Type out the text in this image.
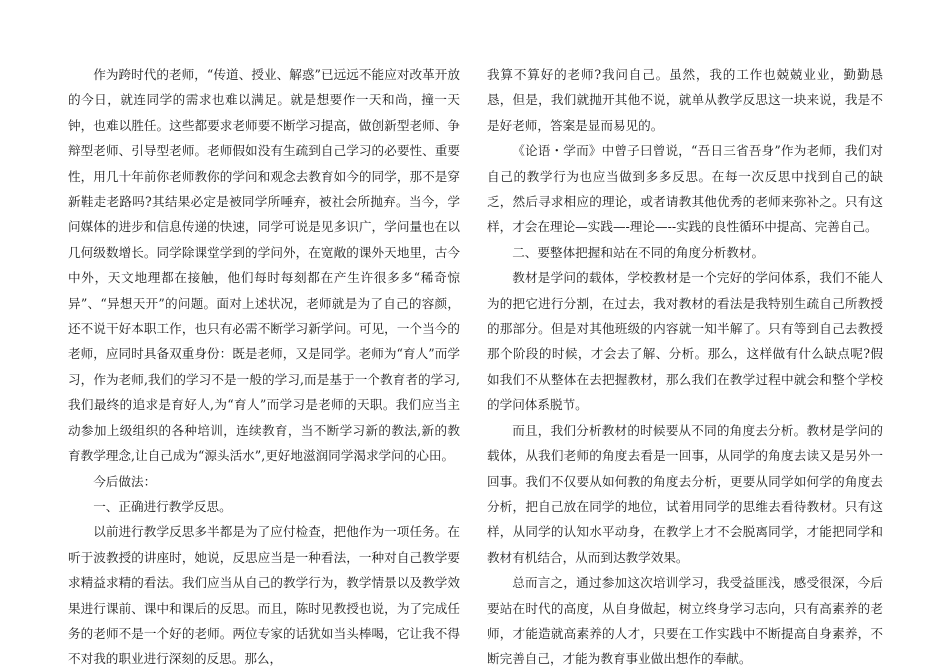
作为跨时代的老师，“传道、授业、解惑”已远远不能应对改革开放的今日，就连同学的需求也难以满足。就是想要作一天和尚，撞一天钟，也难以胜任。这些都要求老师要不断学习提高，做创新型老师、争辩型老师、引导型老师。老师假如没有生疏到自己学习的必要性、重要性，用几十年前你老师教你的学问和观念去教育如今的同学，那不是穿新鞋走老路吗?其结果必定是被同学所唾弃，被社会所抛弃。当今，学问媒体的进步和信息传递的快速，同学可说是见多识广，学问量也在以几何级数增长。同学除课堂学到的学问外，在宽敞的课外天地里，古今中外，天文地理都在接触，他们每时每刻都在产生许很多多“稀奇惊异”、“异想天开”的问题。面对上述状况，老师就是为了自己的容颜，还不说干好本职工作，也只有必需不断学习新学问。可见，一个当今的老师，应同时具备双重身份：既是老师，又是同学。老师为“育人”而学习，作为老师,我们的学习不是一般的学习,而是基于一个教育者的学习,我们最终的追求是育好人,为“育人”而学习是老师的天职。我们应当主动参加上级组织的各种培训，连续教育，当不断学习新的教法,新的教育教学理念,让自己成为“源头活水”,更好地滋润同学渴求学问的心田。

今后做法：

一、正确进行教学反思。

以前进行教学反思多半都是为了应付检查，把他作为一项任务。在听于波教授的讲座时，她说，反思应当是一种看法，一种对自己教学要求精益求精的看法。我们应当从自己的教学行为，教学情景以及教学效果进行课前、课中和课后的反思。而且，陈时见教授也说，为了完成任务的老师不是一个好的老师。两位专家的话犹如当头棒喝，它让我不得不对我的职业进行深刻的反思。那么，

我算不算好的老师?我问自己。虽然，我的工作也兢兢业业，勤勤恳恳，但是，我们就抛开其他不说，就单从教学反思这一块来说，我是不是好老师，答案是显而易见的。

《论语・学而》中曾子曰曾说，“吾日三省吾身”作为老师，我们对自己的教学行为也应当做到多多反思。在每一次反思中找到自己的缺乏，然后寻求相应的理论，或者请教其他优秀的老师来弥补之。只有这样，才会在理论—实践—-理论—--实践的良性循环中提高、完善自己。

二、要整体把握和站在不同的角度分析教材。

教材是学问的载体，学校教材是一个完好的学问体系，我们不能人为的把它进行分割，在过去，我对教材的看法是我特别生疏自己所教授的那部分。但是对其他班级的内容就一知半解了。只有等到自己去教授那个阶段的时候，才会去了解、分析。那么，这样做有什么缺点呢?假如我们不从整体在去把握教材，那么我们在教学过程中就会和整个学校的学问体系脱节。

而且，我们分析教材的时候要从不同的角度去分析。教材是学问的载体，从我们老师的角度去看是一回事，从同学的角度去读又是另外一回事。我们不仅要从如何教的角度去分析，更要从同学如何学的角度去分析，把自己放在同学的地位，试着用同学的思维去看待教材。只有这样，从同学的认知水平动身，在教学上才不会脱离同学，才能把同学和教材有机结合，从而到达教学效果。

总而言之，通过参加这次培训学习，我受益匪浅，感受很深，今后要站在时代的高度，从自身做起，树立终身学习志向，只有高素养的老师，才能造就高素养的人才，只要在工作实践中不断提高自身素养，不断完善自己，才能为教育事业做出想作的奉献。
